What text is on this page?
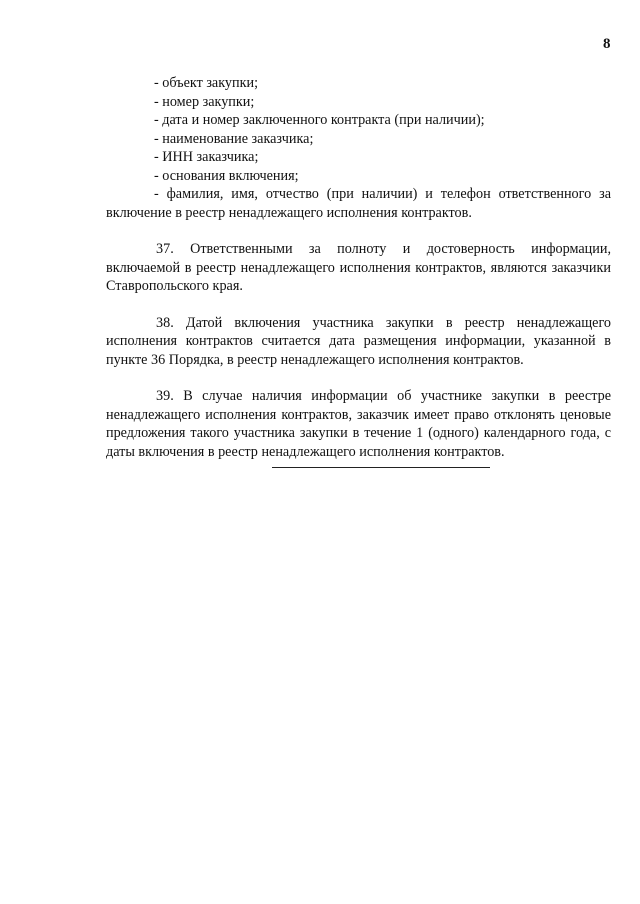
8
- объект закупки;
- номер закупки;
- дата и номер заключенного контракта (при наличии);
- наименование заказчика;
- ИНН заказчика;
- основания включения;
- фамилия, имя, отчество (при наличии) и телефон ответственного за включение в реестр ненадлежащего исполнения контрактов.

37. Ответственными за полноту и достоверность информации, включаемой в реестр ненадлежащего исполнения контрактов, являются заказчики Ставропольского края.

38. Датой включения участника закупки в реестр ненадлежащего исполнения контрактов считается дата размещения информации, указанной в пункте 36 Порядка, в реестр ненадлежащего исполнения контрактов.

39. В случае наличия информации об участнике закупки в реестре ненадлежащего исполнения контрактов, заказчик имеет право отклонять ценовые предложения такого участника закупки в течение 1 (одного) календарного года, с даты включения в реестр ненадлежащего исполнения контрактов.
